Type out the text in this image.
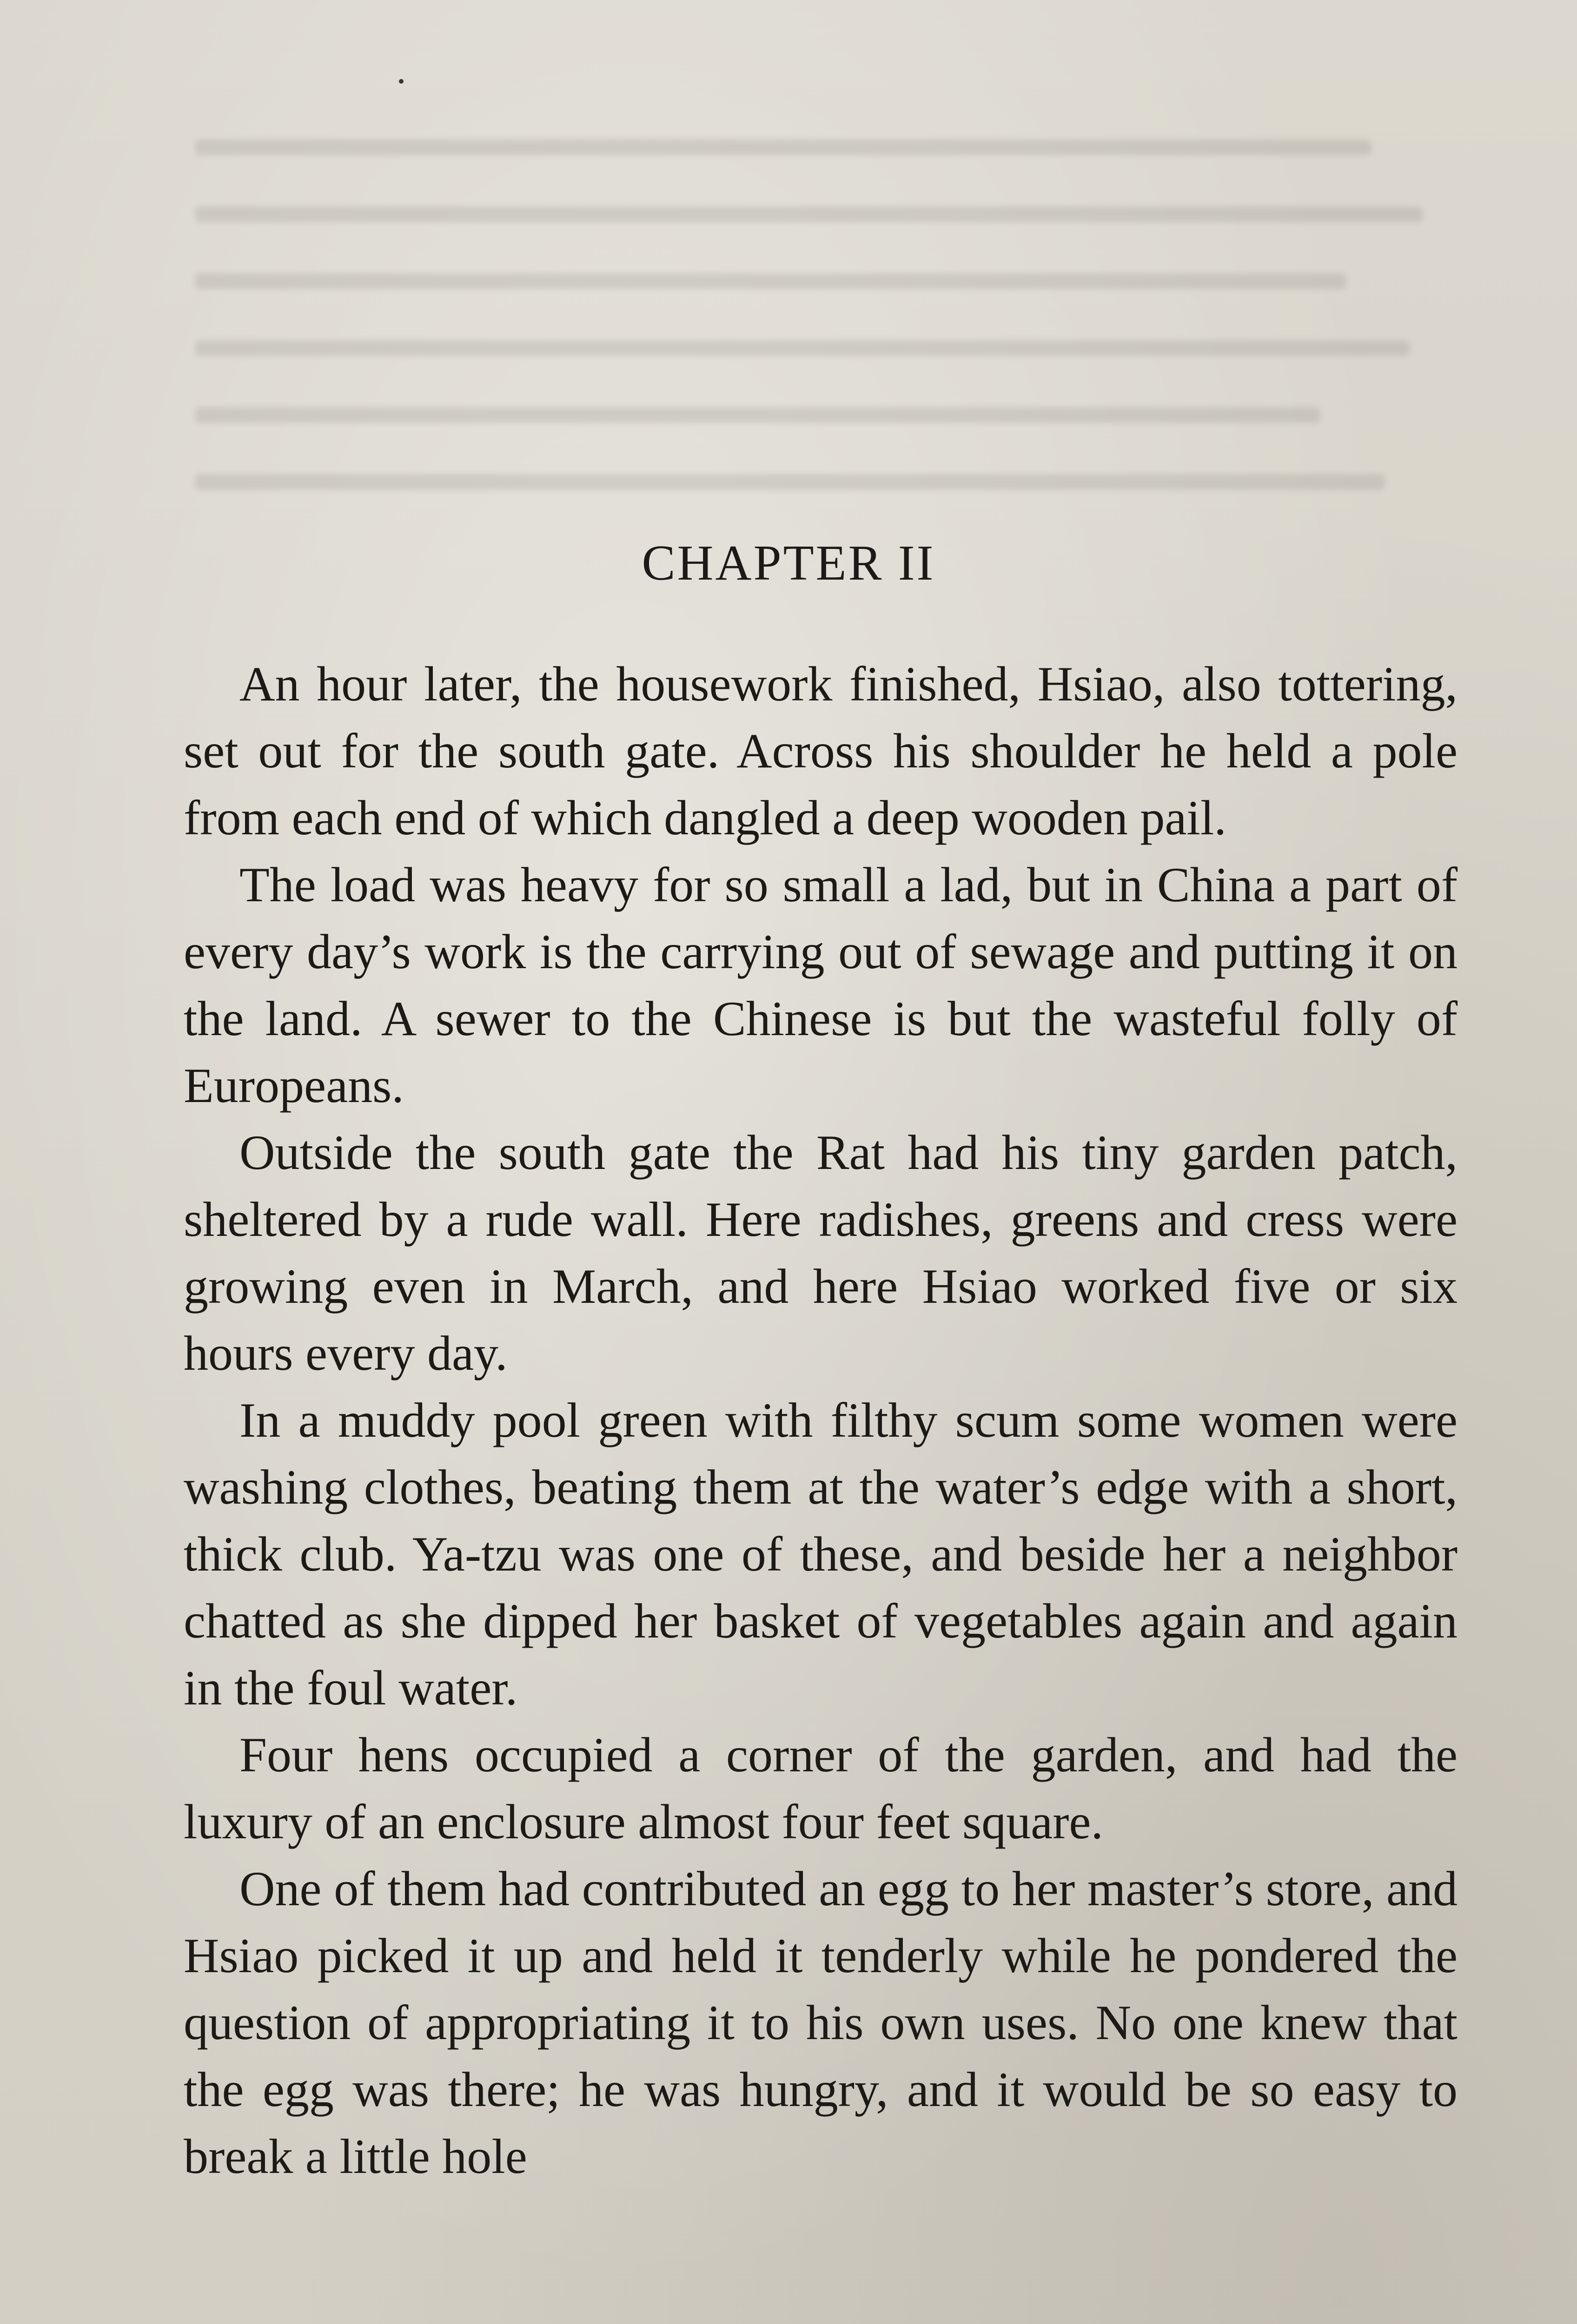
CHAPTER II

An hour later, the housework finished, Hsiao, also tottering, set out for the south gate. Across his shoulder he held a pole from each end of which dangled a deep wooden pail.

The load was heavy for so small a lad, but in China a part of every day’s work is the carrying out of sewage and putting it on the land. A sewer to the Chinese is but the wasteful folly of Europeans.

Outside the south gate the Rat had his tiny garden patch, sheltered by a rude wall. Here radishes, greens and cress were growing even in March, and here Hsiao worked five or six hours every day.

In a muddy pool green with filthy scum some women were washing clothes, beating them at the water’s edge with a short, thick club. Ya-tzu was one of these, and beside her a neighbor chatted as she dipped her basket of vegetables again and again in the foul water.

Four hens occupied a corner of the garden, and had the luxury of an enclosure almost four feet square.

One of them had contributed an egg to her master’s store, and Hsiao picked it up and held it tenderly while he pondered the question of appropriating it to his own uses. No one knew that the egg was there; he was hungry, and it would be so easy to break a little hole
